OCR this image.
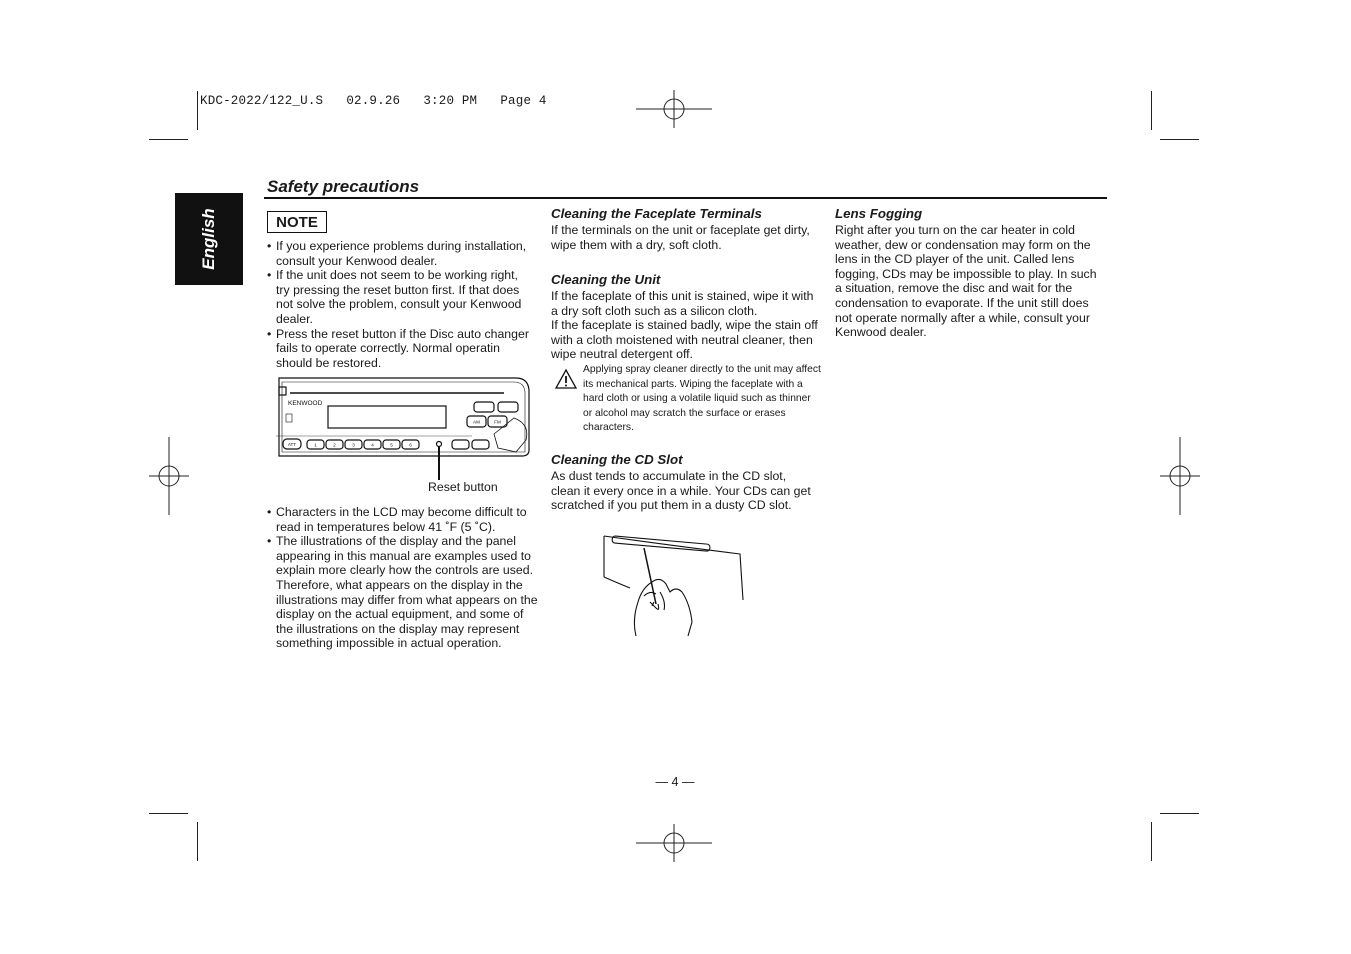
KDC-2022/122_U.S   02.9.26   3:20 PM   Page 4
English
Safety precautions
NOTE
• If you experience problems during installation, consult your Kenwood dealer.
• If the unit does not seem to be working right, try pressing the reset button first. If that does not solve the problem, consult your Kenwood dealer.
• Press the reset button if the Disc auto changer fails to operate correctly. Normal operatin should be restored.
KENWOOD
ATT	1	2	3	4	5	6
AM	FM
Reset button
• Characters in the LCD may become difficult to read in temperatures below 41 ˚F (5 ˚C).
• The illustrations of the display and the panel appearing in this manual are examples used to explain more clearly how the controls are used. Therefore, what appears on the display in the illustrations may differ from what appears on the display on the actual equipment, and some of the illustrations on the display may represent something impossible in actual operation.
Cleaning the Faceplate Terminals

If the terminals on the unit or faceplate get dirty, wipe them with a dry, soft cloth.

Cleaning the Unit

If the faceplate of this unit is stained, wipe it with a dry soft cloth such as a silicon cloth.

If the faceplate is stained badly, wipe the stain off with a cloth moistened with neutral cleaner, then wipe neutral detergent off.

Applying spray cleaner directly to the unit may affect its mechanical parts. Wiping the faceplate with a hard cloth or using a volatile liquid such as thinner or alcohol may scratch the surface or erases characters.
Cleaning the CD Slot

As dust tends to accumulate in the CD slot, clean it every once in a while. Your CDs can get scratched if you put them in a dusty CD slot.

Lens Fogging

Right after you turn on the car heater in cold weather, dew or condensation may form on the lens in the CD player of the unit. Called lens fogging, CDs may be impossible to play. In such a situation, remove the disc and wait for the condensation to evaporate. If the unit still does not operate normally after a while, consult your Kenwood dealer.

— 4 —
